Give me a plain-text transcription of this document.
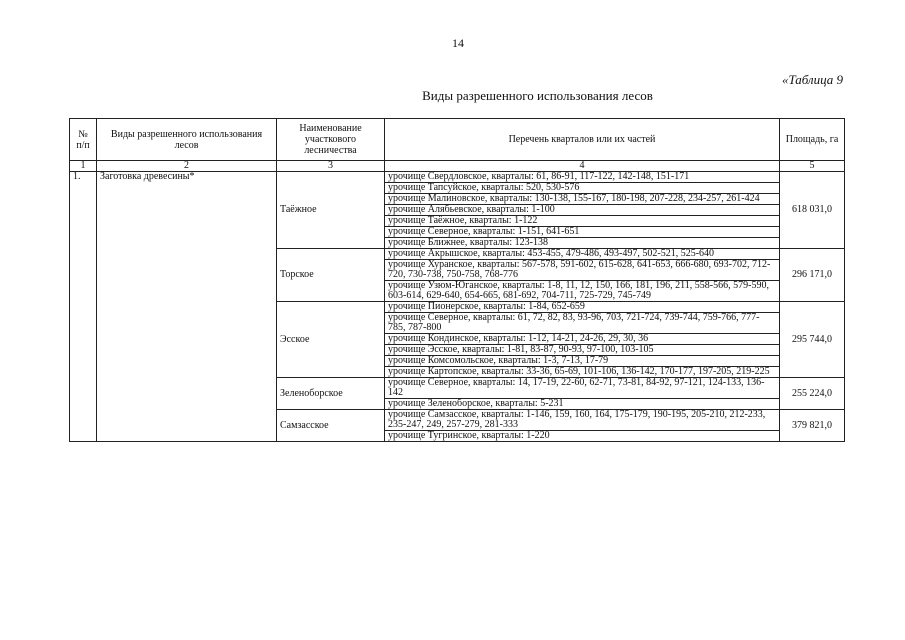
14
«Таблица 9
Виды разрешенного использования лесов
№ п/п	Виды разрешенного использования лесов	Наименование участкового лесничества	Перечень кварталов или их частей	Площадь, га
1	2	3	4	5
1.	Заготовка древесины*	Таёжное	урочище Свердловское, кварталы: 61, 86-91, 117-122, 142-148, 151-171	618 031,0
			урочище Тапсуйское, кварталы: 520, 530-576	
			урочище Малиновское, кварталы: 130-138, 155-167, 180-198, 207-228, 234-257, 261-424	
			урочище Алябьевское, кварталы: 1-100	
			урочище Таёжное, кварталы: 1-122	
			урочище Северное, кварталы: 1-151, 641-651	
			урочище Ближнее, кварталы: 123-138	
		Торское	урочище Акрышское, кварталы: 453-455, 479-486, 493-497, 502-521, 525-640	296 171,0
			урочище Хуранское, кварталы: 567-578, 591-602, 615-628, 641-653, 666-680, 693-702, 712-720, 730-738, 750-758, 768-776	
			урочище Узюм-Юганское, кварталы: 1-8, 11, 12, 150, 166, 181, 196, 211, 558-566, 579-590, 603-614, 629-640, 654-665, 681-692, 704-711, 725-729, 745-749	
		Эсское	урочище Пионерское, кварталы: 1-84, 652-659	295 744,0
			урочище Северное, кварталы: 61, 72, 82, 83, 93-96, 703, 721-724, 739-744, 759-766, 777-785, 787-800	
			урочище Кондинское, кварталы: 1-12, 14-21, 24-26, 29, 30, 36	
			урочище Эсское, кварталы: 1-81, 83-87, 90-93, 97-100, 103-105	
			урочище Комсомольское, кварталы: 1-3, 7-13, 17-79	
			урочище Картопское, кварталы: 33-36, 65-69, 101-106, 136-142, 170-177, 197-205, 219-225	
		Зеленоборское	урочище Северное, кварталы: 14, 17-19, 22-60, 62-71, 73-81, 84-92, 97-121, 124-133, 136-142	255 224,0
			урочище Зеленоборское, кварталы: 5-231	
		Самзасское	урочище Самзасское, кварталы: 1-146, 159, 160, 164, 175-179, 190-195, 205-210, 212-233, 235-247, 249, 257-279, 281-333	379 821,0
			урочище Тугринское, кварталы: 1-220	
